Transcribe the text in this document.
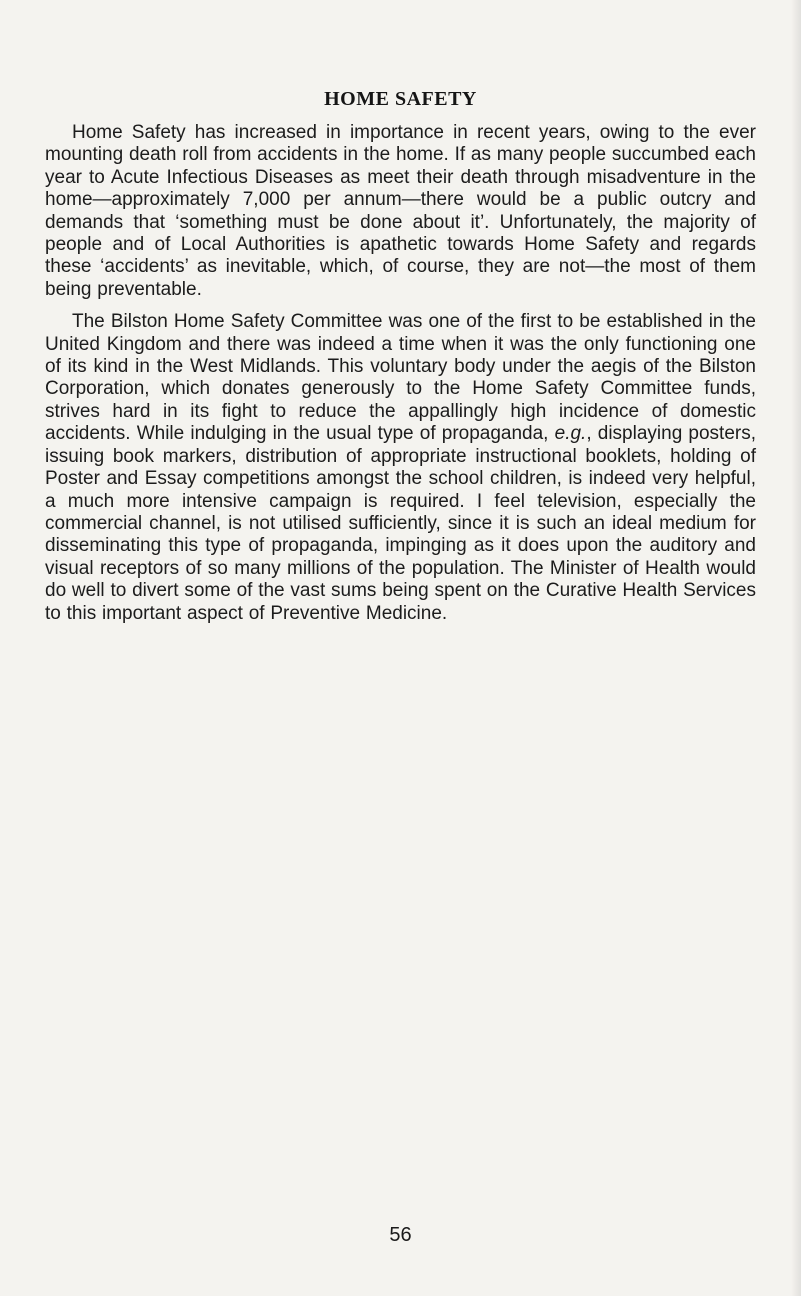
HOME SAFETY

Home Safety has increased in importance in recent years, owing to the ever mounting death roll from accidents in the home. If as many people succumbed each year to Acute Infectious Diseases as meet their death through misadventure in the home—approximately 7,000 per annum—there would be a public outcry and demands that ‘something must be done about it’. Unfortunately, the majority of people and of Local Authorities is apathetic towards Home Safety and regards these ‘accidents’ as inevitable, which, of course, they are not—the most of them being preventable.

The Bilston Home Safety Committee was one of the first to be established in the United Kingdom and there was indeed a time when it was the only functioning one of its kind in the West Midlands. This voluntary body under the aegis of the Bilston Corporation, which donates generously to the Home Safety Committee funds, strives hard in its fight to reduce the appallingly high incidence of domestic accidents. While indulging in the usual type of propaganda, e.g., displaying posters, issuing book markers, distribution of appropriate instructional booklets, holding of Poster and Essay competitions amongst the school children, is indeed very helpful, a much more intensive campaign is required. I feel television, especially the commercial channel, is not utilised sufficiently, since it is such an ideal medium for disseminating this type of propaganda, impinging as it does upon the auditory and visual receptors of so many millions of the population. The Minister of Health would do well to divert some of the vast sums being spent on the Curative Health Services to this important aspect of Preventive Medicine.

56
